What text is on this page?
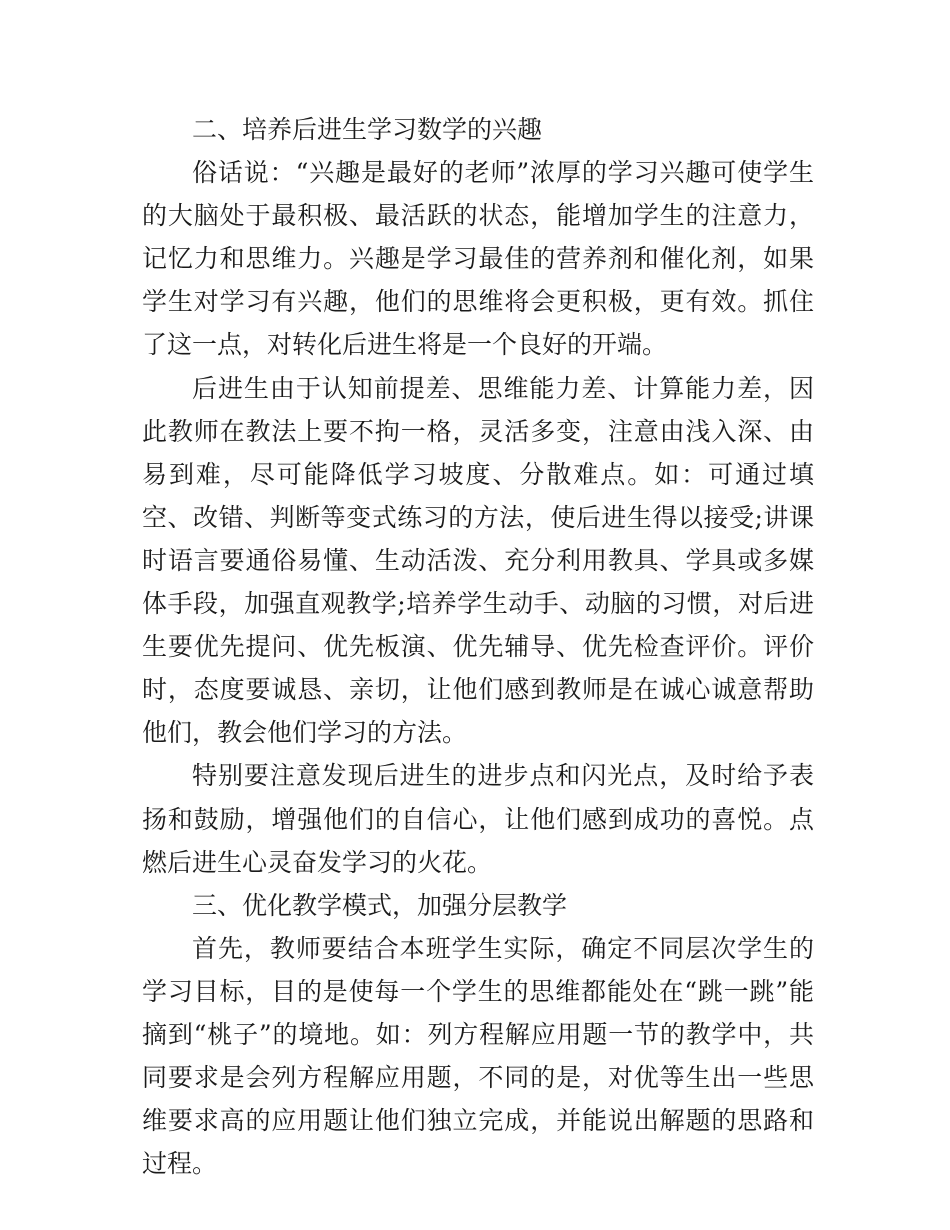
二、培养后进生学习数学的兴趣

俗话说：“兴趣是最好的老师”浓厚的学习兴趣可使学生的大脑处于最积极、最活跃的状态，能增加学生的注意力，记忆力和思维力。兴趣是学习最佳的营养剂和催化剂，如果学生对学习有兴趣，他们的思维将会更积极，更有效。抓住了这一点，对转化后进生将是一个良好的开端。

后进生由于认知前提差、思维能力差、计算能力差，因此教师在教法上要不拘一格，灵活多变，注意由浅入深、由易到难，尽可能降低学习坡度、分散难点。如：可通过填空、改错、判断等变式练习的方法，使后进生得以接受;讲课时语言要通俗易懂、生动活泼、充分利用教具、学具或多媒体手段，加强直观教学;培养学生动手、动脑的习惯，对后进生要优先提问、优先板演、优先辅导、优先检查评价。评价时，态度要诚恳、亲切，让他们感到教师是在诚心诚意帮助他们，教会他们学习的方法。

特别要注意发现后进生的进步点和闪光点，及时给予表扬和鼓励，增强他们的自信心，让他们感到成功的喜悦。点燃后进生心灵奋发学习的火花。

三、优化教学模式，加强分层教学

首先，教师要结合本班学生实际，确定不同层次学生的学习目标，目的是使每一个学生的思维都能处在“跳一跳”能摘到“桃子”的境地。如：列方程解应用题一节的教学中，共同要求是会列方程解应用题，不同的是，对优等生出一些思维要求高的应用题让他们独立完成，并能说出解题的思路和过程。
